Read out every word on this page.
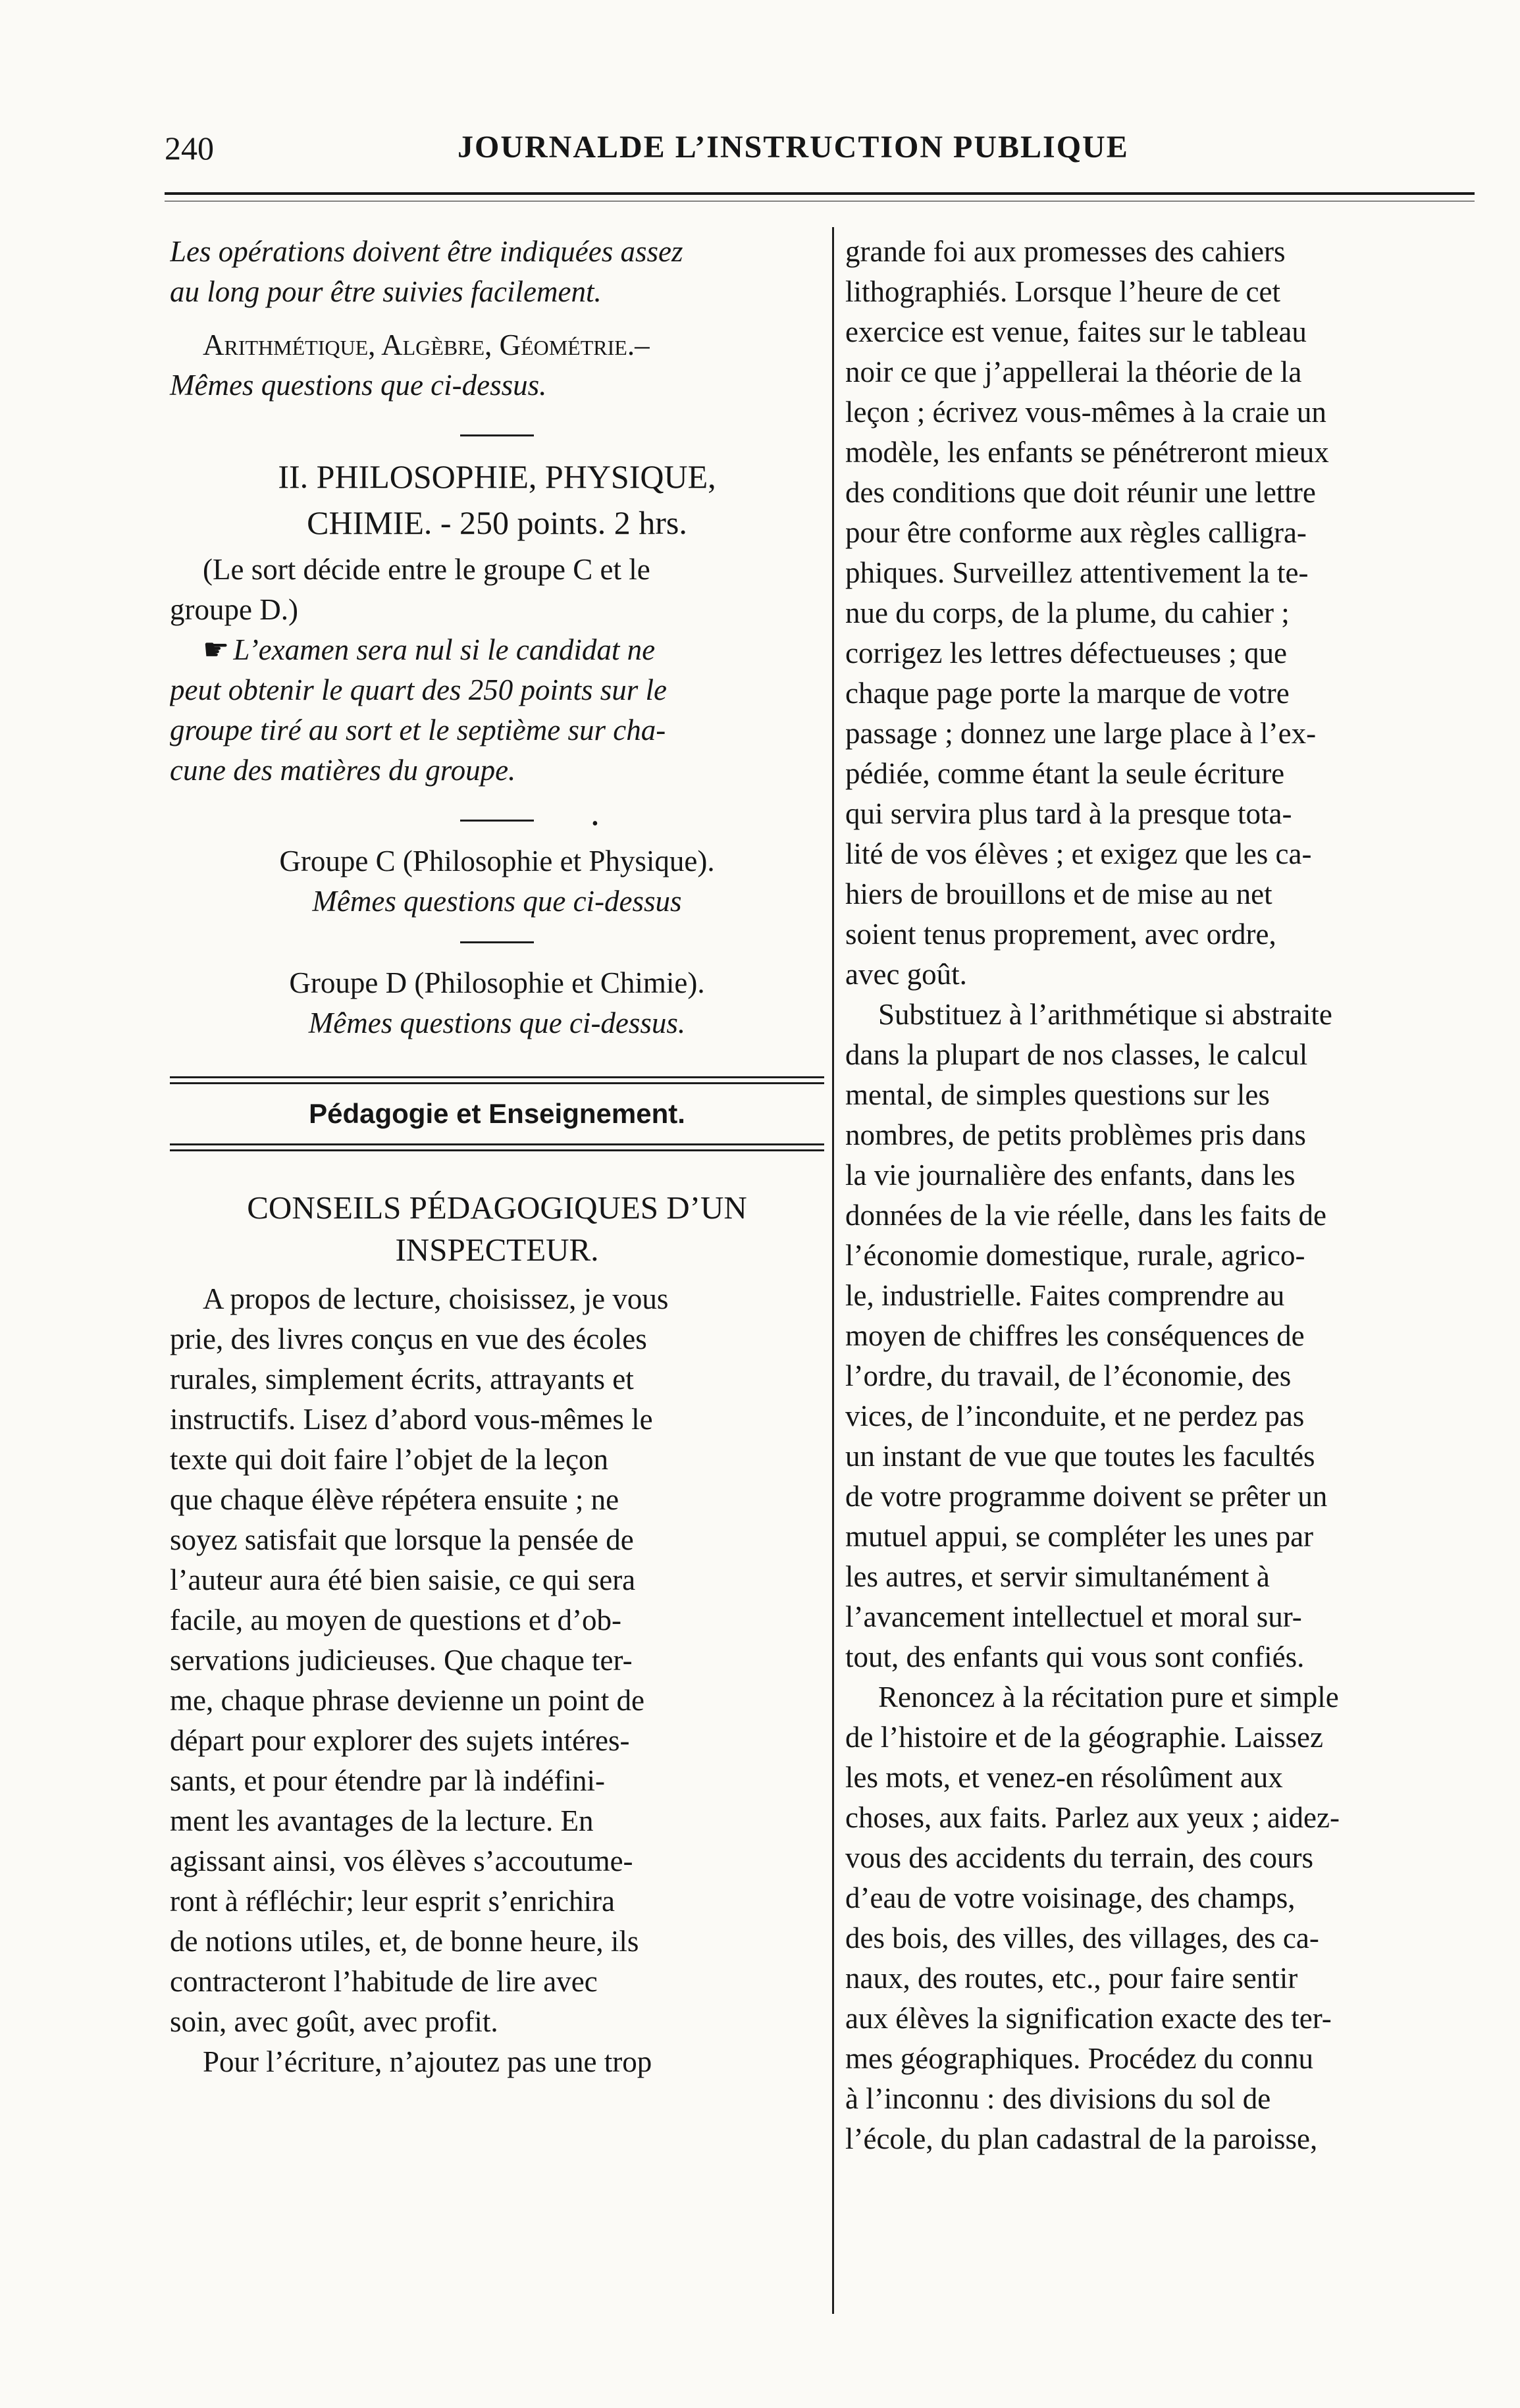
240	JOURNALDE L’INSTRUCTION PUBLIQUE
Les opérations doivent être indiquées assez
au long pour être suivies facilement.
Arithmétique, Algèbre, Géométrie.–
Mêmes questions que ci-dessus.
II. PHILOSOPHIE, PHYSIQUE,
CHIMIE. - 250 points. 2 hrs.
(Le sort décide entre le groupe C et le
groupe D.)
☛ L’examen sera nul si le candidat ne
peut obtenir le quart des 250 points sur le
groupe tiré au sort et le septième sur cha-
cune des matières du groupe.
•
Groupe C (Philosophie et Physique).
Mêmes questions que ci-dessus
Groupe D (Philosophie et Chimie).
Mêmes questions que ci-dessus.
Pédagogie et Enseignement.
CONSEILS PÉDAGOGIQUES D’UN
INSPECTEUR.
A propos de lecture, choisissez, je vous
prie, des livres conçus en vue des écoles
rurales, simplement écrits, attrayants et
instructifs. Lisez d’abord vous-mêmes le
texte qui doit faire l’objet de la leçon
que chaque élève répétera ensuite ; ne
soyez satisfait que lorsque la pensée de
l’auteur aura été bien saisie, ce qui sera
facile, au moyen de questions et d’ob-
servations judicieuses. Que chaque ter-
me, chaque phrase devienne un point de
départ pour explorer des sujets intéres-
sants, et pour étendre par là indéfini-
ment les avantages de la lecture. En
agissant ainsi, vos élèves s’accoutume-
ront à réfléchir; leur esprit s’enrichira
de notions utiles, et, de bonne heure, ils
contracteront l’habitude de lire avec
soin, avec goût, avec profit.
Pour l’écriture, n’ajoutez pas une trop
grande foi aux promesses des cahiers
lithographiés. Lorsque l’heure de cet
exercice est venue, faites sur le tableau
noir ce que j’appellerai la théorie de la
leçon ; écrivez vous-mêmes à la craie un
modèle, les enfants se pénétreront mieux
des conditions que doit réunir une lettre
pour être conforme aux règles calligra-
phiques. Surveillez attentivement la te-
nue du corps, de la plume, du cahier ;
corrigez les lettres défectueuses ; que
chaque page porte la marque de votre
passage ; donnez une large place à l’ex-
pédiée, comme étant la seule écriture
qui servira plus tard à la presque tota-
lité de vos élèves ; et exigez que les ca-
hiers de brouillons et de mise au net
soient tenus proprement, avec ordre,
avec goût.
Substituez à l’arithmétique si abstraite
dans la plupart de nos classes, le calcul
mental, de simples questions sur les
nombres, de petits problèmes pris dans
la vie journalière des enfants, dans les
données de la vie réelle, dans les faits de
l’économie domestique, rurale, agrico-
le, industrielle. Faites comprendre au
moyen de chiffres les conséquences de
l’ordre, du travail, de l’économie, des
vices, de l’inconduite, et ne perdez pas
un instant de vue que toutes les facultés
de votre programme doivent se prêter un
mutuel appui, se compléter les unes par
les autres, et servir simultanément à
l’avancement intellectuel et moral sur-
tout, des enfants qui vous sont confiés.
Renoncez à la récitation pure et simple
de l’histoire et de la géographie. Laissez
les mots, et venez-en résolûment aux
choses, aux faits. Parlez aux yeux ; aidez-
vous des accidents du terrain, des cours
d’eau de votre voisinage, des champs,
des bois, des villes, des villages, des ca-
naux, des routes, etc., pour faire sentir
aux élèves la signification exacte des ter-
mes géographiques. Procédez du connu
à l’inconnu : des divisions du sol de
l’école, du plan cadastral de la paroisse,
